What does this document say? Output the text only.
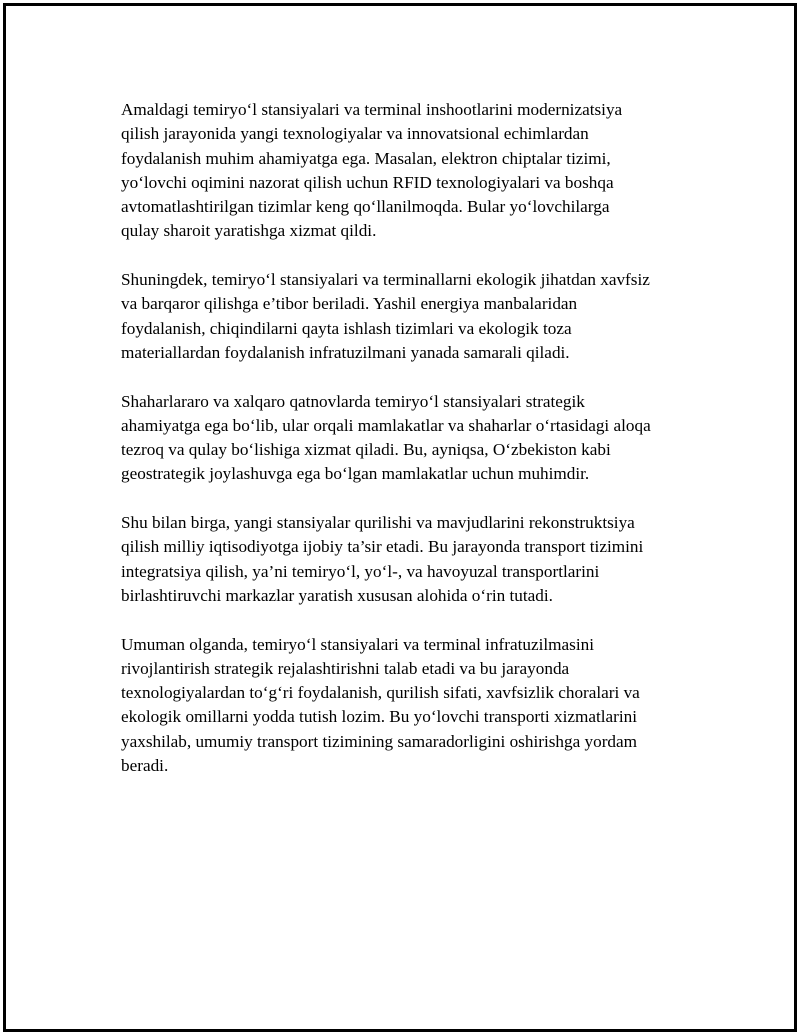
Amaldagi temiryo‘l stansiyalari va terminal inshootlarini modernizatsiya
qilish jarayonida yangi texnologiyalar va innovatsional echimlardan
foydalanish muhim ahamiyatga ega. Masalan, elektron chiptalar tizimi,
yo‘lovchi oqimini nazorat qilish uchun RFID texnologiyalari va boshqa
avtomatlashtirilgan tizimlar keng qo‘llanilmoqda. Bular yo‘lovchilarga
qulay sharoit yaratishga xizmat qildi.

Shuningdek, temiryo‘l stansiyalari va terminallarni ekologik jihatdan xavfsiz
va barqaror qilishga e’tibor beriladi. Yashil energiya manbalaridan
foydalanish, chiqindilarni qayta ishlash tizimlari va ekologik toza
materiallardan foydalanish infratuzilmani yanada samarali qiladi.

Shaharlararo va xalqaro qatnovlarda temiryo‘l stansiyalari strategik
ahamiyatga ega bo‘lib, ular orqali mamlakatlar va shaharlar o‘rtasidagi aloqa
tezroq va qulay bo‘lishiga xizmat qiladi. Bu, ayniqsa, O‘zbekiston kabi
geostrategik joylashuvga ega bo‘lgan mamlakatlar uchun muhimdir.

Shu bilan birga, yangi stansiyalar qurilishi va mavjudlarini rekonstruktsiya
qilish milliy iqtisodiyotga ijobiy ta’sir etadi. Bu jarayonda transport tizimini
integratsiya qilish, ya’ni temiryo‘l, yo‘l-, va havoyuzal transportlarini
birlashtiruvchi markazlar yaratish xususan alohida o‘rin tutadi.

Umuman olganda, temiryo‘l stansiyalari va terminal infratuzilmasini
rivojlantirish strategik rejalashtirishni talab etadi va bu jarayonda
texnologiyalardan to‘g‘ri foydalanish, qurilish sifati, xavfsizlik choralari va
ekologik omillarni yodda tutish lozim. Bu yo‘lovchi transporti xizmatlarini
yaxshilab, umumiy transport tizimining samaradorligini oshirishga yordam
beradi.
